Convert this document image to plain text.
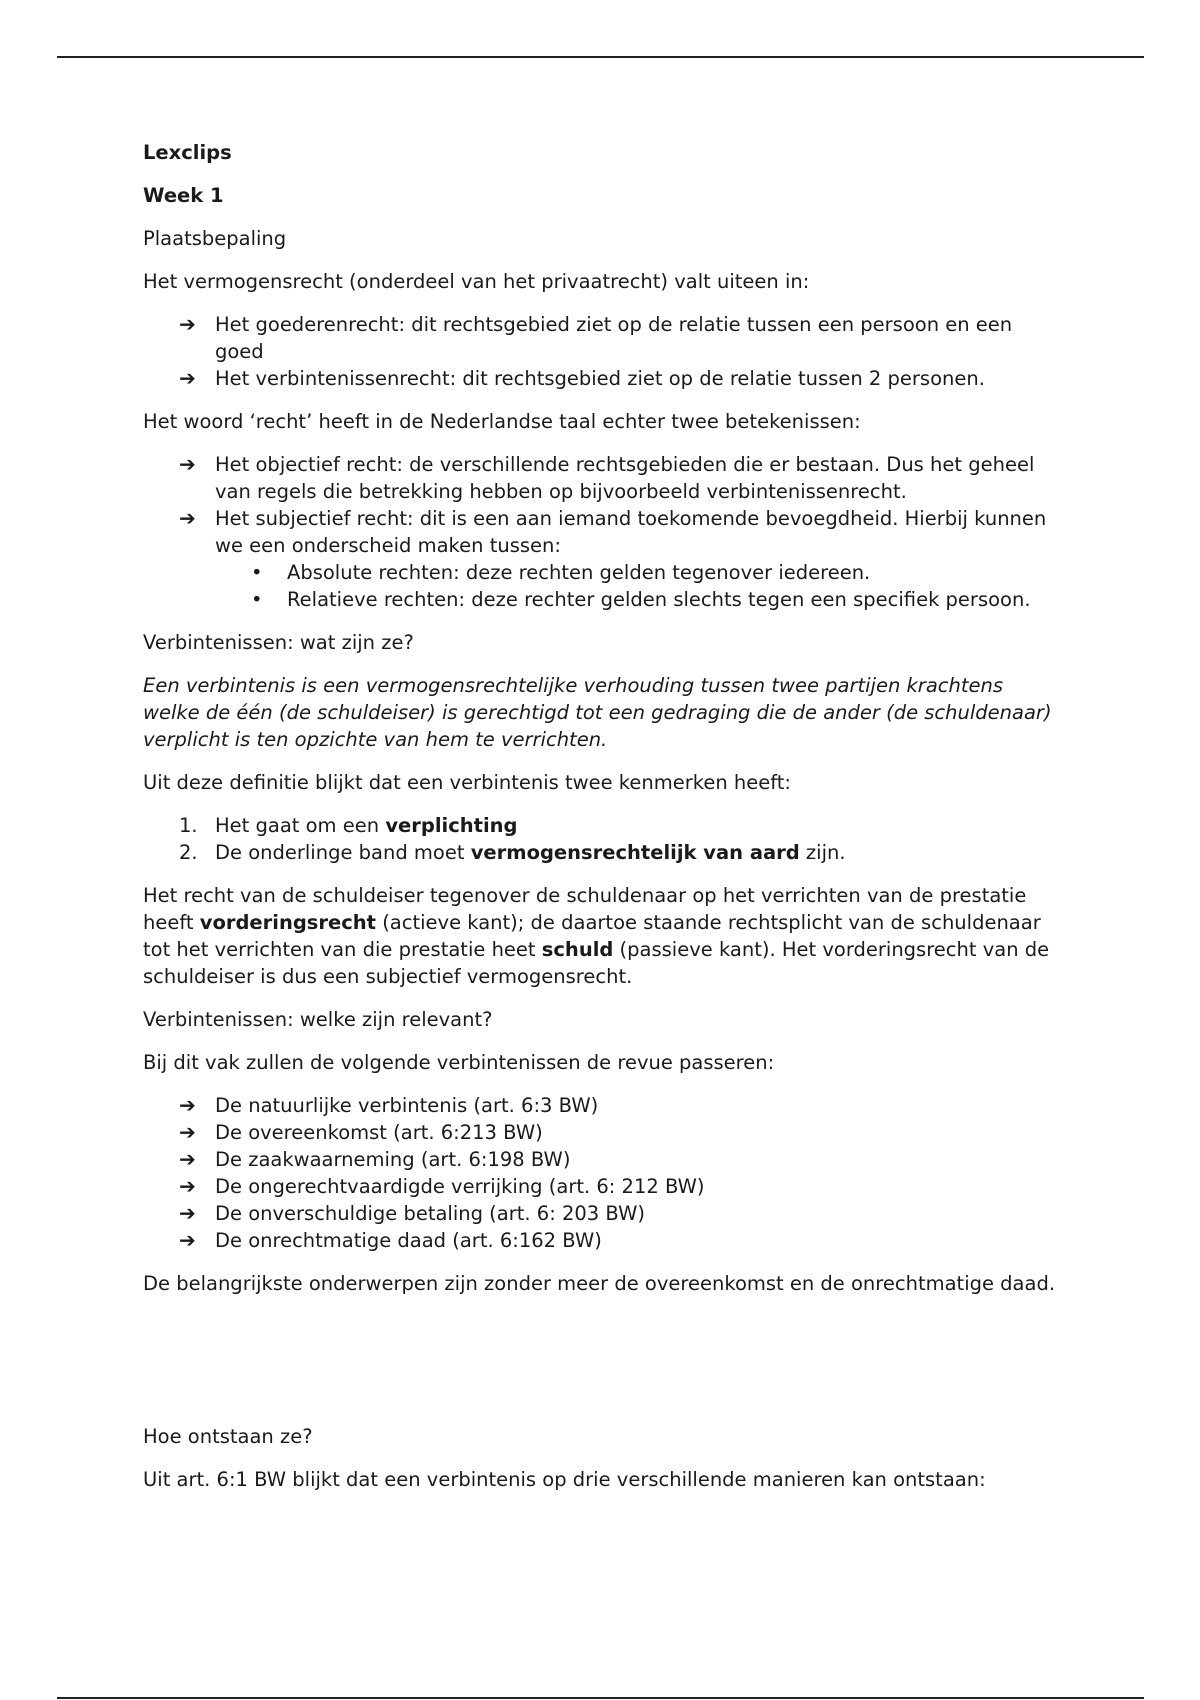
Lexclips

Week 1

Plaatsbepaling

Het vermogensrecht (onderdeel van het privaatrecht) valt uiteen in:

➔ Het goederenrecht: dit rechtsgebied ziet op de relatie tussen een persoon en een goed
➔ Het verbintenissenrecht: dit rechtsgebied ziet op de relatie tussen 2 personen.

Het woord ‘recht’ heeft in de Nederlandse taal echter twee betekenissen:

➔ Het objectief recht: de verschillende rechtsgebieden die er bestaan. Dus het geheel van regels die betrekking hebben op bijvoorbeeld verbintenissenrecht.
➔ Het subjectief recht: dit is een aan iemand toekomende bevoegdheid. Hierbij kunnen we een onderscheid maken tussen:
• Absolute rechten: deze rechten gelden tegenover iedereen.
• Relatieve rechten: deze rechter gelden slechts tegen een specifiek persoon.

Verbintenissen: wat zijn ze?

Een verbintenis is een vermogensrechtelijke verhouding tussen twee partijen krachtens welke de één (de schuldeiser) is gerechtigd tot een gedraging die de ander (de schuldenaar) verplicht is ten opzichte van hem te verrichten.

Uit deze definitie blijkt dat een verbintenis twee kenmerken heeft:

1. Het gaat om een verplichting
2. De onderlinge band moet vermogensrechtelijk van aard zijn.

Het recht van de schuldeiser tegenover de schuldenaar op het verrichten van de prestatie heeft vorderingsrecht (actieve kant); de daartoe staande rechtsplicht van de schuldenaar tot het verrichten van die prestatie heet schuld (passieve kant). Het vorderingsrecht van de schuldeiser is dus een subjectief vermogensrecht.

Verbintenissen: welke zijn relevant?

Bij dit vak zullen de volgende verbintenissen de revue passeren:

➔ De natuurlijke verbintenis (art. 6:3 BW)
➔ De overeenkomst (art. 6:213 BW)
➔ De zaakwaarneming (art. 6:198 BW)
➔ De ongerechtvaardigde verrijking (art. 6: 212 BW)
➔ De onverschuldige betaling (art. 6: 203 BW)
➔ De onrechtmatige daad (art. 6:162 BW)

De belangrijkste onderwerpen zijn zonder meer de overeenkomst en de onrechtmatige daad.

Hoe ontstaan ze?

Uit art. 6:1 BW blijkt dat een verbintenis op drie verschillende manieren kan ontstaan:
